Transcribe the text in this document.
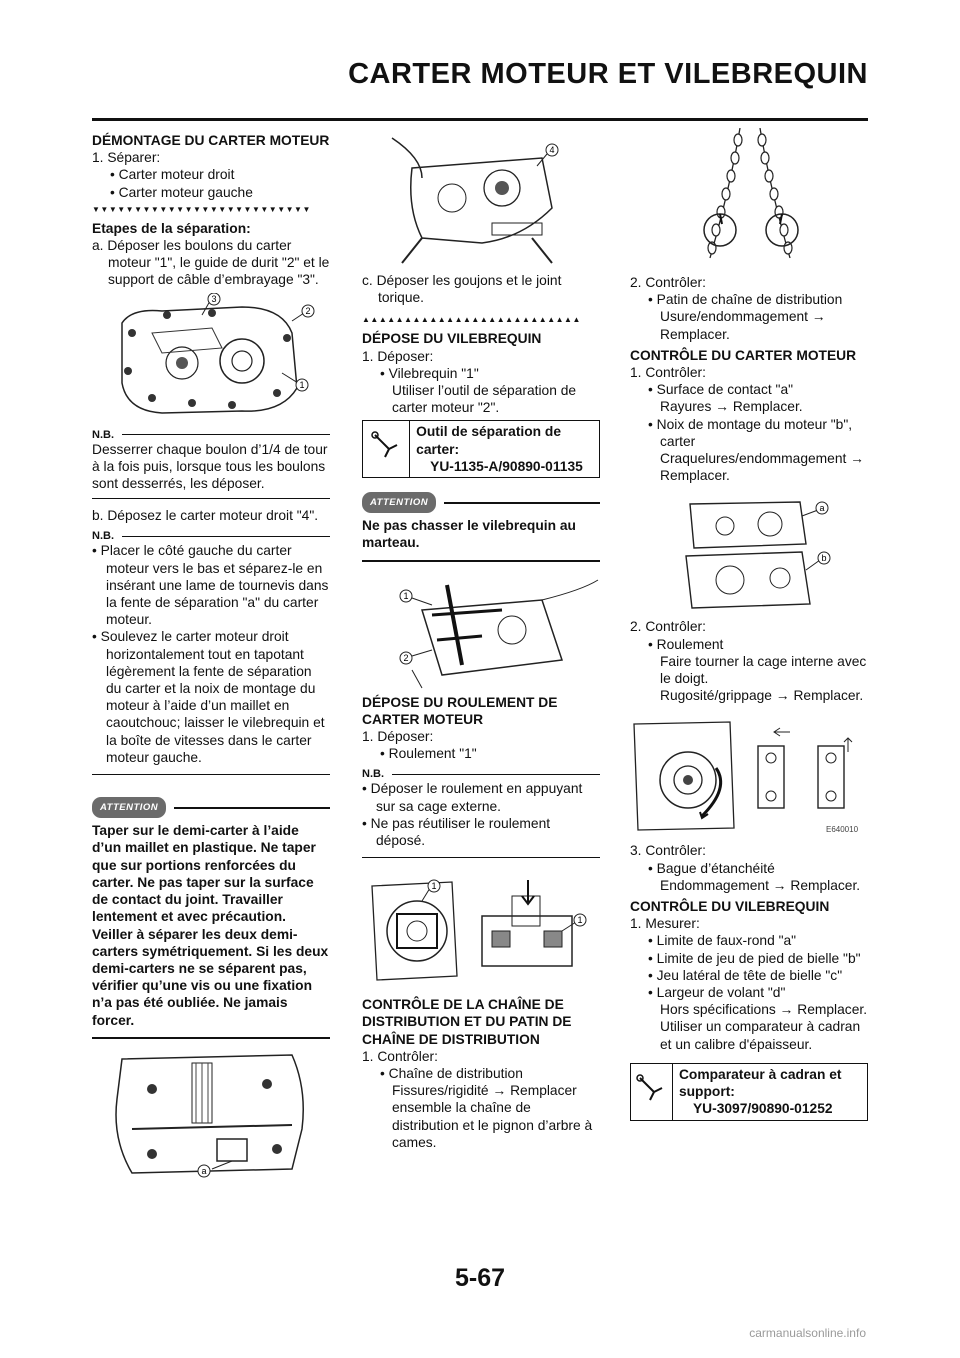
CARTER MOTEUR ET VILEBREQUIN

DÉMONTAGE DU CARTER MOTEUR

1. Séparer:

• Carter moteur droit

• Carter moteur gauche

▼▼▼▼▼▼▼▼▼▼▼▼▼▼▼▼▼▼▼▼▼▼▼▼▼▼

Etapes de la séparation:

a. Déposer les boulons du carter moteur "1", le guide de durit "2" et le support de câble d’embrayage "3".

3
2
1
N.B.

Desserrer chaque boulon d’1/4 de tour à la fois puis, lorsque tous les boulons sont desserrés, les déposer.

b. Déposez le carter moteur droit "4".

N.B.

• Placer le côté gauche du carter moteur vers le bas et séparez-le en insérant une lame de tournevis dans la fente de séparation "a" du carter moteur.

• Soulevez le carter moteur droit horizontalement tout en tapotant légèrement la fente de séparation du carter et la noix de montage du moteur à l’aide d’un maillet en caoutchouc; laisser le vilebrequin et la boîte de vitesses dans le carter moteur gauche.

ATTENTION

Taper sur le demi-carter à l’aide d’un maillet en plastique. Ne taper que sur portions renforcées du carter. Ne pas taper sur la surface de contact du joint. Travailler lentement et avec précaution. Veiller à séparer les deux demi-carters symétriquement. Si les deux demi-carters ne se séparent pas, vérifier qu’une vis ou une fixation n’a pas été oubliée. Ne jamais forcer.

a
4

c. Déposer les goujons et le joint torique.

▲▲▲▲▲▲▲▲▲▲▲▲▲▲▲▲▲▲▲▲▲▲▲▲▲▲

DÉPOSE DU VILEBREQUIN

1. Déposer:

• Vilebrequin "1"

Utiliser l’outil de séparation de carter moteur "2".

Outil de séparation de carter:
YU-1135-A/90890-01135
ATTENTION

Ne pas chasser le vilebrequin au marteau.

1
2

DÉPOSE DU ROULEMENT DE CARTER MOTEUR

1. Déposer:

• Roulement "1"

N.B.

• Déposer le roulement en appuyant sur sa cage externe.

• Ne pas réutiliser le roulement déposé.

1
1

CONTRÔLE DE LA CHAÎNE DE DISTRIBUTION ET DU PATIN DE CHAÎNE DE DISTRIBUTION

1. Contrôler:

• Chaîne de distribution

Fissures/rigidité → Remplacer ensemble la chaîne de distribution et le pignon d’arbre à cames.

2. Contrôler:

• Patin de chaîne de distribution

Usure/endommagement → Remplacer.

CONTRÔLE DU CARTER MOTEUR

1. Contrôler:

• Surface de contact "a"

Rayures → Remplacer.

• Noix de montage du moteur "b", carter

Craquelures/endommagement → Remplacer.

a
b

2. Contrôler:

• Roulement

Faire tourner la cage interne avec le doigt.

Rugosité/grippage → Remplacer.

E640010

3. Contrôler:

• Bague d’étanchéité

Endommagement → Remplacer.

CONTRÔLE DU VILEBREQUIN

1. Mesurer:

• Limite de faux-rond "a"

• Limite de jeu de pied de bielle "b"

• Jeu latéral de tête de bielle "c"

• Largeur de volant "d"

Hors spécifications → Remplacer.

Utiliser un comparateur à cadran et un calibre d'épaisseur.

Comparateur à cadran et support:
YU-3097/90890-01252
5-67
carmanualsonline.info
